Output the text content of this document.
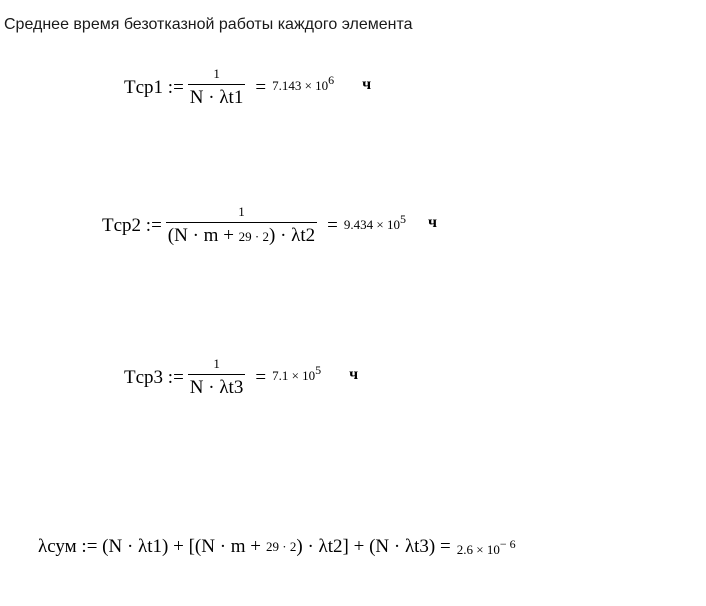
Среднее время безотказной работы каждого элемента
Tср1 := $\frac{1}{N \cdot \lambda t1} = 7.143 \times 10^6$ ч
Tср2 := $\frac{1}{(N \cdot m + 29 \cdot 2) \cdot \lambda t2} = 9.434 \times 10^5$ ч
Tср3 := $\frac{1}{N \cdot \lambda t3} = 7.1 \times 10^5$ ч
λсум := (N · λt1) + [(N · m + 29 · 2 ) · $\lambda t2] + (N \cdot \lambda t3) = 2.6 \times 10^{- 6}$
